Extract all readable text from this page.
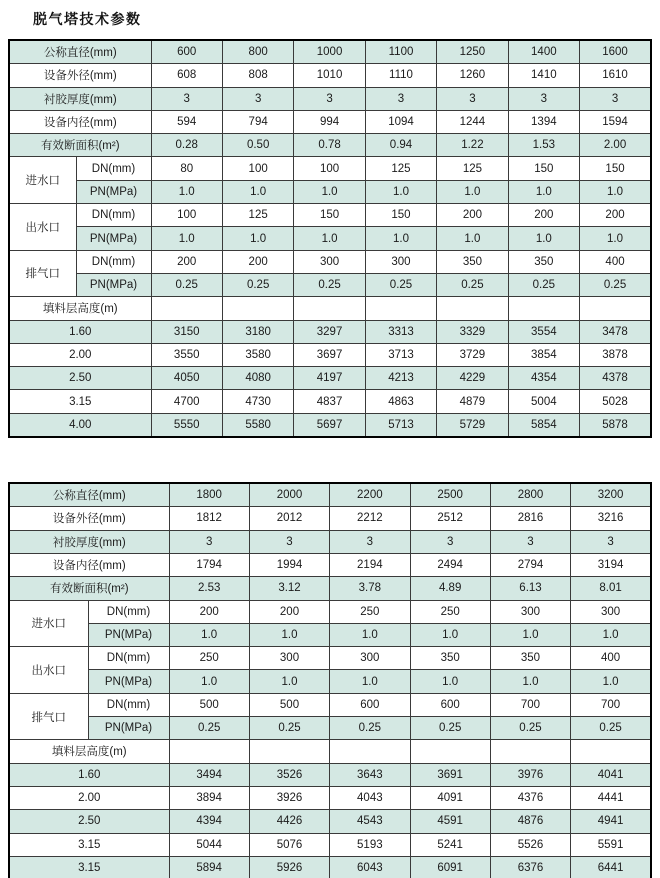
脱气塔技术参数
公称直径(mm)		600	800	1000	1100	1250	1400	1600
设备外径(mm)		608	808	1010	1110	1260	1410	1610
衬胶厚度(mm)		3	3	3	3	3	3	3
设备内径(mm)		594	794	994	1094	1244	1394	1594
有效断面积(m²)		0.28	0.50	0.78	0.94	1.22	1.53	2.00
进水口	DN(mm)	80	100	100	125	125	150	150
	PN(MPa)	1.0	1.0	1.0	1.0	1.0	1.0	1.0
出水口	DN(mm)	100	125	150	150	200	200	200
	PN(MPa)	1.0	1.0	1.0	1.0	1.0	1.0	1.0
排气口	DN(mm)	200	200	300	300	350	350	400
	PN(MPa)	0.25	0.25	0.25	0.25	0.25	0.25	0.25
填料层高度(m)								
1.60		3150	3180	3297	3313	3329	3554	3478
2.00		3550	3580	3697	3713	3729	3854	3878
2.50		4050	4080	4197	4213	4229	4354	4378
3.15		4700	4730	4837	4863	4879	5004	5028
4.00		5550	5580	5697	5713	5729	5854	5878
公称直径(mm)		1800	2000	2200	2500	2800	3200
设备外径(mm)		1812	2012	2212	2512	2816	3216
衬胶厚度(mm)		3	3	3	3	3	3
设备内径(mm)		1794	1994	2194	2494	2794	3194
有效断面积(m²)		2.53	3.12	3.78	4.89	6.13	8.01
进水口	DN(mm)	200	200	250	250	300	300
	PN(MPa)	1.0	1.0	1.0	1.0	1.0	1.0
出水口	DN(mm)	250	300	300	350	350	400
	PN(MPa)	1.0	1.0	1.0	1.0	1.0	1.0
排气口	DN(mm)	500	500	600	600	700	700
	PN(MPa)	0.25	0.25	0.25	0.25	0.25	0.25
填料层高度(m)							
1.60		3494	3526	3643	3691	3976	4041
2.00		3894	3926	4043	4091	4376	4441
2.50		4394	4426	4543	4591	4876	4941
3.15		5044	5076	5193	5241	5526	5591
3.15		5894	5926	6043	6091	6376	6441
